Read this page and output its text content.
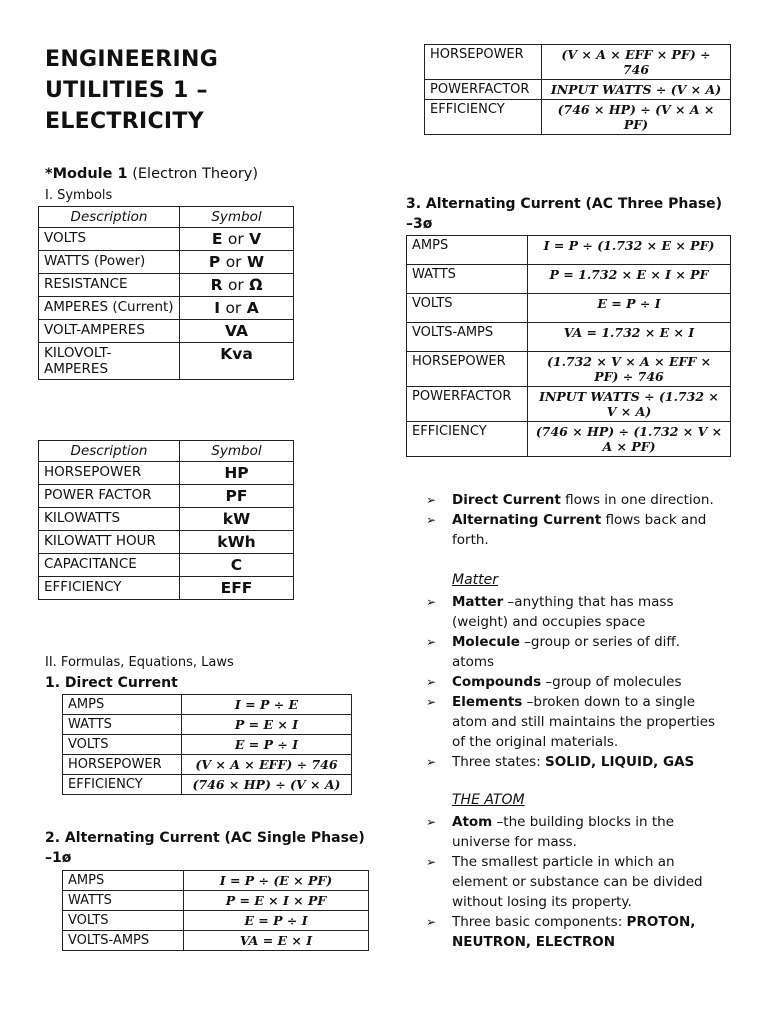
ENGINEERING
UTILITIES 1 –
ELECTRICITY
*Module 1 (Electron Theory)
I. Symbols
Description	Symbol
VOLTS	E or V
WATTS (Power)	P or W
RESISTANCE	R or Ω
AMPERES (Current)	I or A
VOLT-AMPERES	VA
KILOVOLT-AMPERES	Kva
Description	Symbol
HORSEPOWER	HP
POWER FACTOR	PF
KILOWATTS	kW
KILOWATT HOUR	kWh
CAPACITANCE	C
EFFICIENCY	EFF
II. Formulas, Equations, Laws
1. Direct Current
AMPS	I = P ÷ E
WATTS	P = E × I
VOLTS	E = P ÷ I
HORSEPOWER	(V × A × EFF) ÷ 746
EFFICIENCY	(746 × HP) ÷ (V × A)
2. Alternating Current (AC Single Phase)
–1ø
AMPS	I = P ÷ (E × PF)
WATTS	P = E × I × PF
VOLTS	E = P ÷ I
VOLTS-AMPS	VA = E × I
HORSEPOWER	(V × A × EFF × PF) ÷ 746
POWERFACTOR	INPUT WATTS ÷ (V × A)
EFFICIENCY	(746 × HP) ÷ (V × A × PF)
3. Alternating Current (AC Three Phase)
–3ø
AMPS	I = P ÷ (1.732 × E × PF)
WATTS	P = 1.732 × E × I × PF
VOLTS	E = P ÷ I
VOLTS-AMPS	VA = 1.732 × E × I
HORSEPOWER	(1.732 × V × A × EFF × PF) ÷ 746
POWERFACTOR	INPUT WATTS ÷ (1.732 × V × A)
EFFICIENCY	(746 × HP) ÷ (1.732 × V × A × PF)
➢ Direct Current flows in one direction.
➢ Alternating Current flows back and forth.
Matter
➢ Matter –anything that has mass (weight) and occupies space
➢ Molecule –group or series of diff. atoms
➢ Compounds –group of molecules
➢ Elements –broken down to a single atom and still maintains the properties of the original materials.
➢ Three states: SOLID, LIQUID, GAS
THE ATOM
➢ Atom –the building blocks in the universe for mass.
➢ The smallest particle in which an element or substance can be divided without losing its property.
➢ Three basic components: PROTON, NEUTRON, ELECTRON
